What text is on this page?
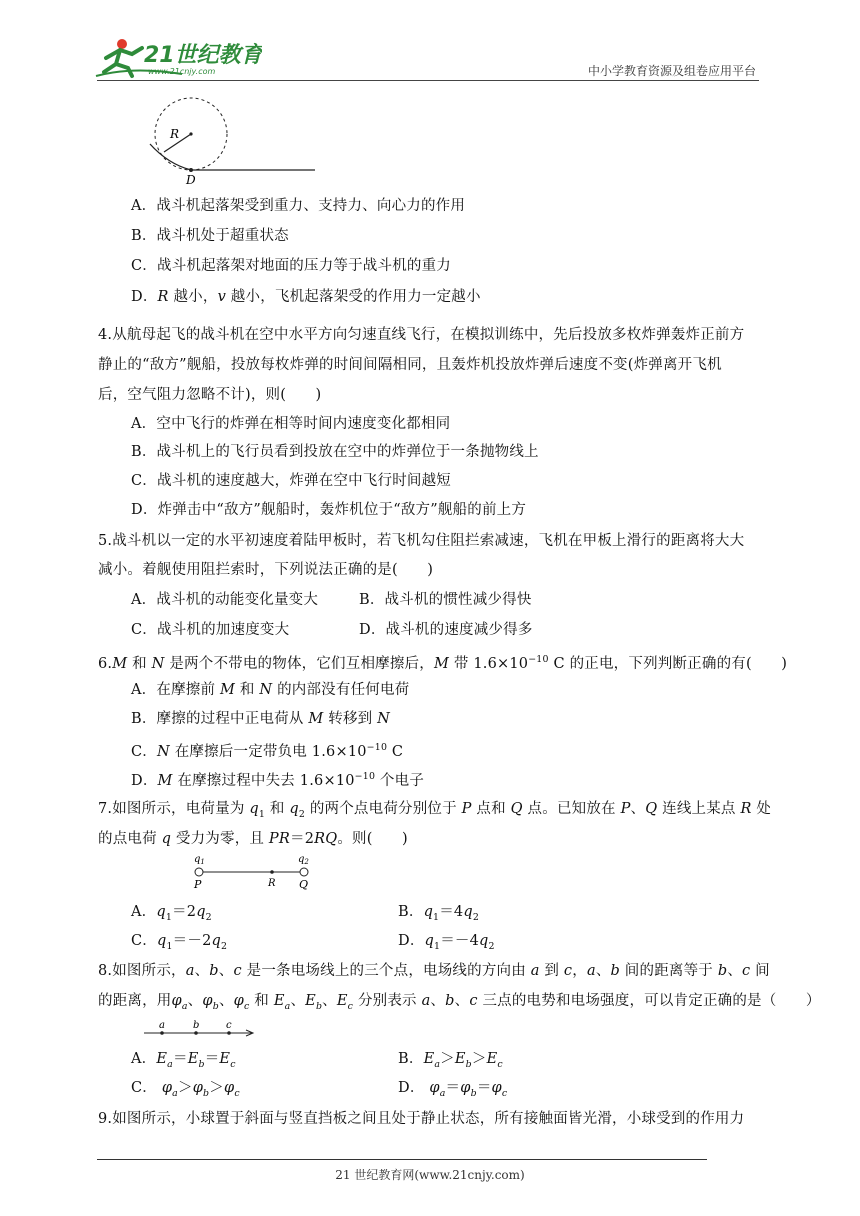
21世纪教育
www.21cnjy.com	中小学教育资源及组卷应用平台
R
D
A．战斗机起落架受到重力、支持力、向心力的作用
B．战斗机处于超重状态
C．战斗机起落架对地面的压力等于战斗机的重力
D．R 越小，v 越小，飞机起落架受的作用力一定越小
4.从航母起飞的战斗机在空中水平方向匀速直线飞行，在模拟训练中，先后投放多枚炸弹轰炸正前方
静止的“敌方”舰船，投放每枚炸弹的时间间隔相同，且轰炸机投放炸弹后速度不变(炸弹离开飞机
后，空气阻力忽略不计)，则(　　)
A．空中飞行的炸弹在相等时间内速度变化都相同
B．战斗机上的飞行员看到投放在空中的炸弹位于一条抛物线上
C．战斗机的速度越大，炸弹在空中飞行时间越短
D．炸弹击中“敌方”舰船时，轰炸机位于“敌方”舰船的前上方
5.战斗机以一定的水平初速度着陆甲板时，若飞机勾住阻拦索减速，飞机在甲板上滑行的距离将大大
减小。着舰使用阻拦索时，下列说法正确的是(　　)
A．战斗机的动能变化量变大	B．战斗机的惯性减少得快
C．战斗机的加速度变大	D．战斗机的速度减少得多
6.M 和 N 是两个不带电的物体，它们互相摩擦后，M 带 $1.6\times 10^{-10}$ C 的正电，下列判断正确的有(　　)
A．在摩擦前 M 和 N 的内部没有任何电荷
B．摩擦的过程中正电荷从 M 转移到 N
C．N 在摩擦后一定带负电 $1.6\times 10^{-10}$ C
D．M 在摩擦过程中失去 $1.6\times 10^{-10}$ 个电子
7.如图所示，电荷量为 $q_1$ 和 $q_2$ 的两个点电荷分别位于 P 点和 Q 点。已知放在 P、Q 连线上某点 R 处
的点电荷 q 受力为零，且 PR＝2RQ。则(　　)
$q_1$	$q_2$
P	R Q
A．$q_1=2q_2$	B．$q_1=4q_2$
C．$q_1=-2q_2$	D．$q_1=-4q_2$
8.如图所示，a、b、c 是一条电场线上的三个点，电场线的方向由 a 到 c，a、b 间的距离等于 b、c 间
的距离，用$\varphi_a$、$\varphi_b$、$\varphi_c$ 和 $E_a$、$E_b$、$E_c$ 分别表示 a、b、c 三点的电势和电场强度，可以肯定正确的是（　　）
a	b	c
A．$E_a=E_b=E_c$	B．$E_a>E_b>E_c$
C． $\varphi_a>\varphi_b>\varphi_c$	D． $\varphi_a=\varphi_b=\varphi_c$
9.如图所示，小球置于斜面与竖直挡板之间且处于静止状态，所有接触面皆光滑，小球受到的作用力
21 世纪教育网(www.21cnjy.com)
